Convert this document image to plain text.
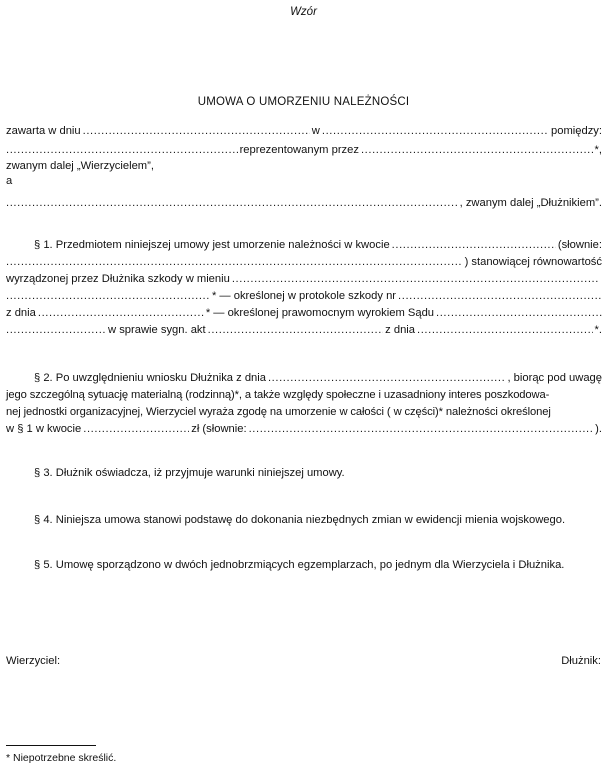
Wzór
UMOWA O UMORZENIU NALEŻNOŚCI
zawarta w dniu .....	w .....	pomiędzy:
.....
reprezentowanym przez .....	*,
zwanym dalej „Wierzycielem”,
a
.....
, zwanym dalej „Dłużnikiem”.
§ 1. Przedmiotem niniejszej umowy jest umorzenie należności w kwocie .....	(słownie:
.....
) stanowiącej równowartość
wyrządzonej przez Dłużnika szkody w mieniu
.....
.....
* — określonej w protokole szkody nr
.....
z dnia .....	* — określonej prawomocnym wyrokiem Sądu
.....
.....
w sprawie sygn. akt .....	z dnia .....	*.
§ 2. Po uwzględnieniu wniosku Dłużnika z dnia .....	, biorąc pod uwagę
jego szczególną sytuację materialną (rodzinną)*, a także względy społeczne i uzasadniony interes poszkodowa-
nej jednostki organizacyjnej, Wierzyciel wyraża zgodę na umorzenie w całości ( w części)* należności określonej
w § 1 w kwocie .....	zł (słownie: .....	).
§ 3. Dłużnik oświadcza, iż przyjmuje warunki niniejszej umowy.
§ 4. Niniejsza umowa stanowi podstawę do dokonania niezbędnych zmian w ewidencji mienia wojskowego.
§ 5. Umowę sporządzono w dwóch jednobrzmiących egzemplarzach, po jednym dla Wierzyciela i Dłużnika.
Wierzyciel:	Dłużnik:
* Niepotrzebne skreślić.
